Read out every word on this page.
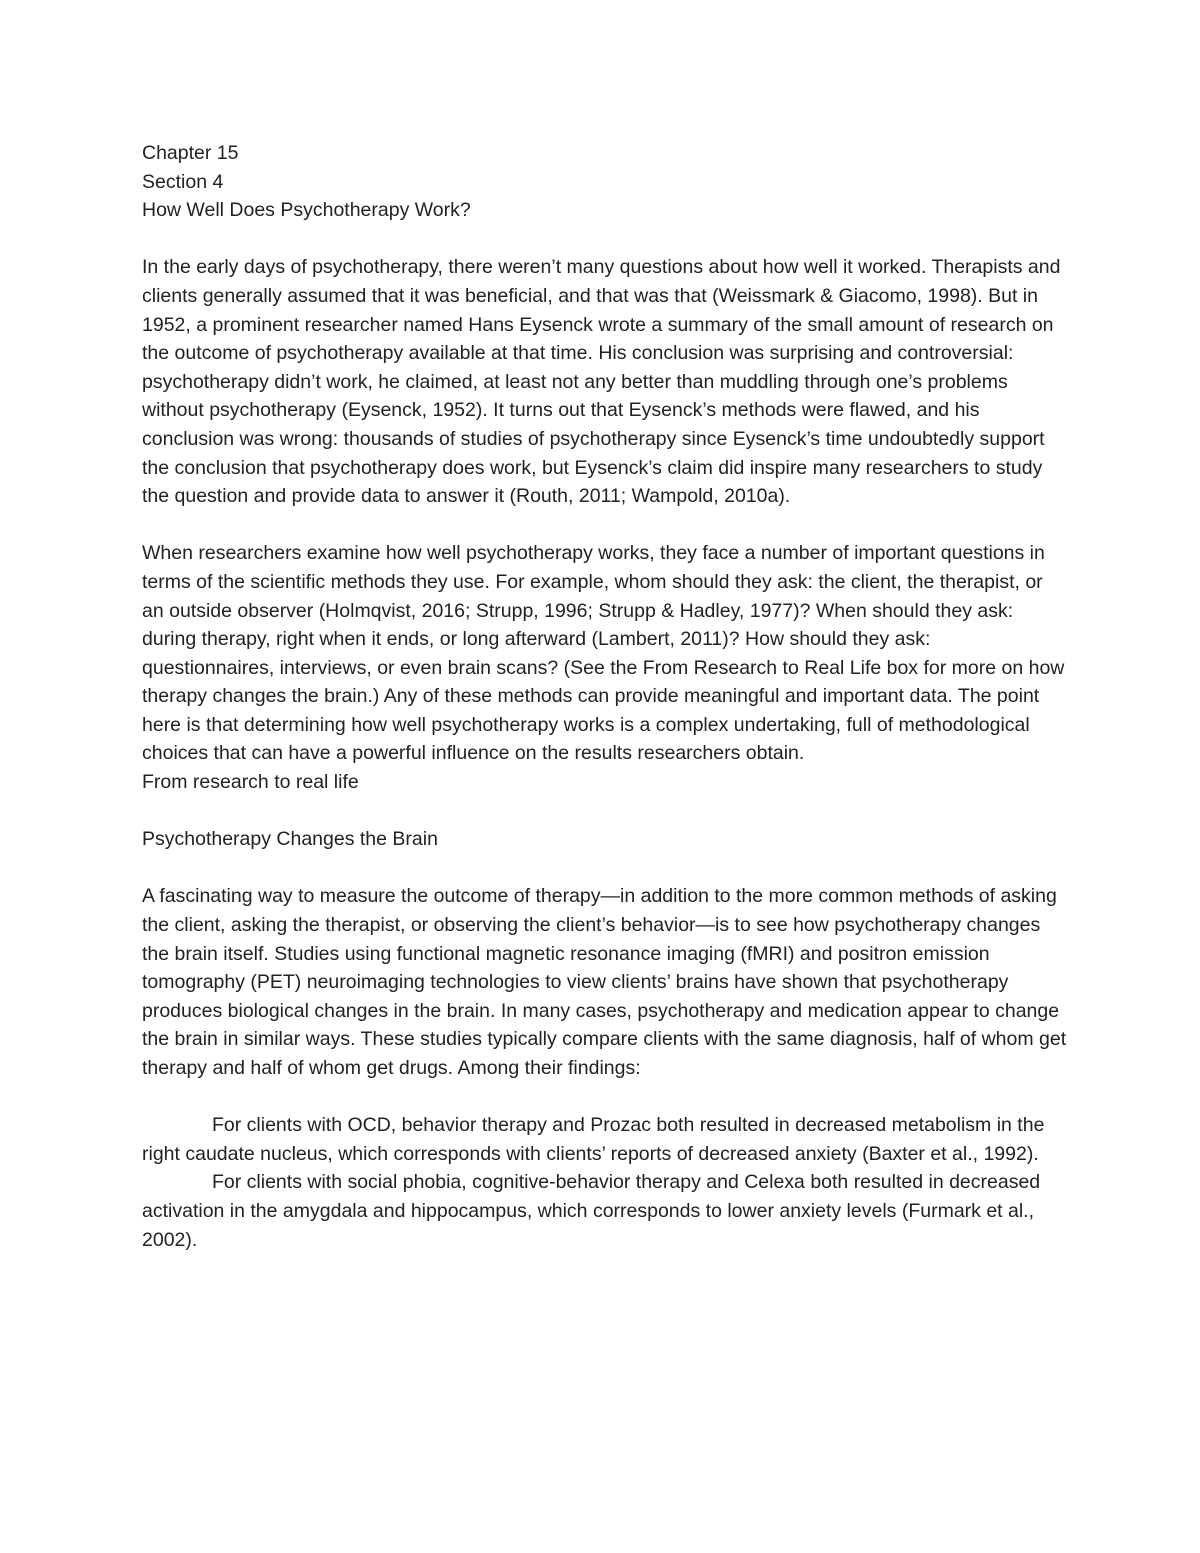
Chapter 15
Section 4
How Well Does Psychotherapy Work?

In the early days of psychotherapy, there weren’t many questions about how well it worked. Therapists and clients generally assumed that it was beneficial, and that was that (Weissmark & Giacomo, 1998). But in 1952, a prominent researcher named Hans Eysenck wrote a summary of the small amount of research on the outcome of psychotherapy available at that time. His conclusion was surprising and controversial: psychotherapy didn’t work, he claimed, at least not any better than muddling through one’s problems without psychotherapy (Eysenck, 1952). It turns out that Eysenck’s methods were flawed, and his conclusion was wrong: thousands of studies of psychotherapy since Eysenck’s time undoubtedly support the conclusion that psychotherapy does work, but Eysenck’s claim did inspire many researchers to study the question and provide data to answer it (Routh, 2011; Wampold, 2010a).

When researchers examine how well psychotherapy works, they face a number of important questions in terms of the scientific methods they use. For example, whom should they ask: the client, the therapist, or an outside observer (Holmqvist, 2016; Strupp, 1996; Strupp & Hadley, 1977)? When should they ask: during therapy, right when it ends, or long afterward (Lambert, 2011)? How should they ask: questionnaires, interviews, or even brain scans? (See the From Research to Real Life box for more on how therapy changes the brain.) Any of these methods can provide meaningful and important data. The point here is that determining how well psychotherapy works is a complex undertaking, full of methodological choices that can have a powerful influence on the results researchers obtain.

From research to real life
Psychotherapy Changes the Brain

A fascinating way to measure the outcome of therapy—in addition to the more common methods of asking the client, asking the therapist, or observing the client’s behavior—is to see how psychotherapy changes the brain itself. Studies using functional magnetic resonance imaging (fMRI) and positron emission tomography (PET) neuroimaging technologies to view clients’ brains have shown that psychotherapy produces biological changes in the brain. In many cases, psychotherapy and medication appear to change the brain in similar ways. These studies typically compare clients with the same diagnosis, half of whom get therapy and half of whom get drugs. Among their findings:

For clients with OCD, behavior therapy and Prozac both resulted in decreased metabolism in the right caudate nucleus, which corresponds with clients’ reports of decreased anxiety (Baxter et al., 1992).

For clients with social phobia, cognitive-behavior therapy and Celexa both resulted in decreased activation in the amygdala and hippocampus, which corresponds to lower anxiety levels (Furmark et al., 2002).
